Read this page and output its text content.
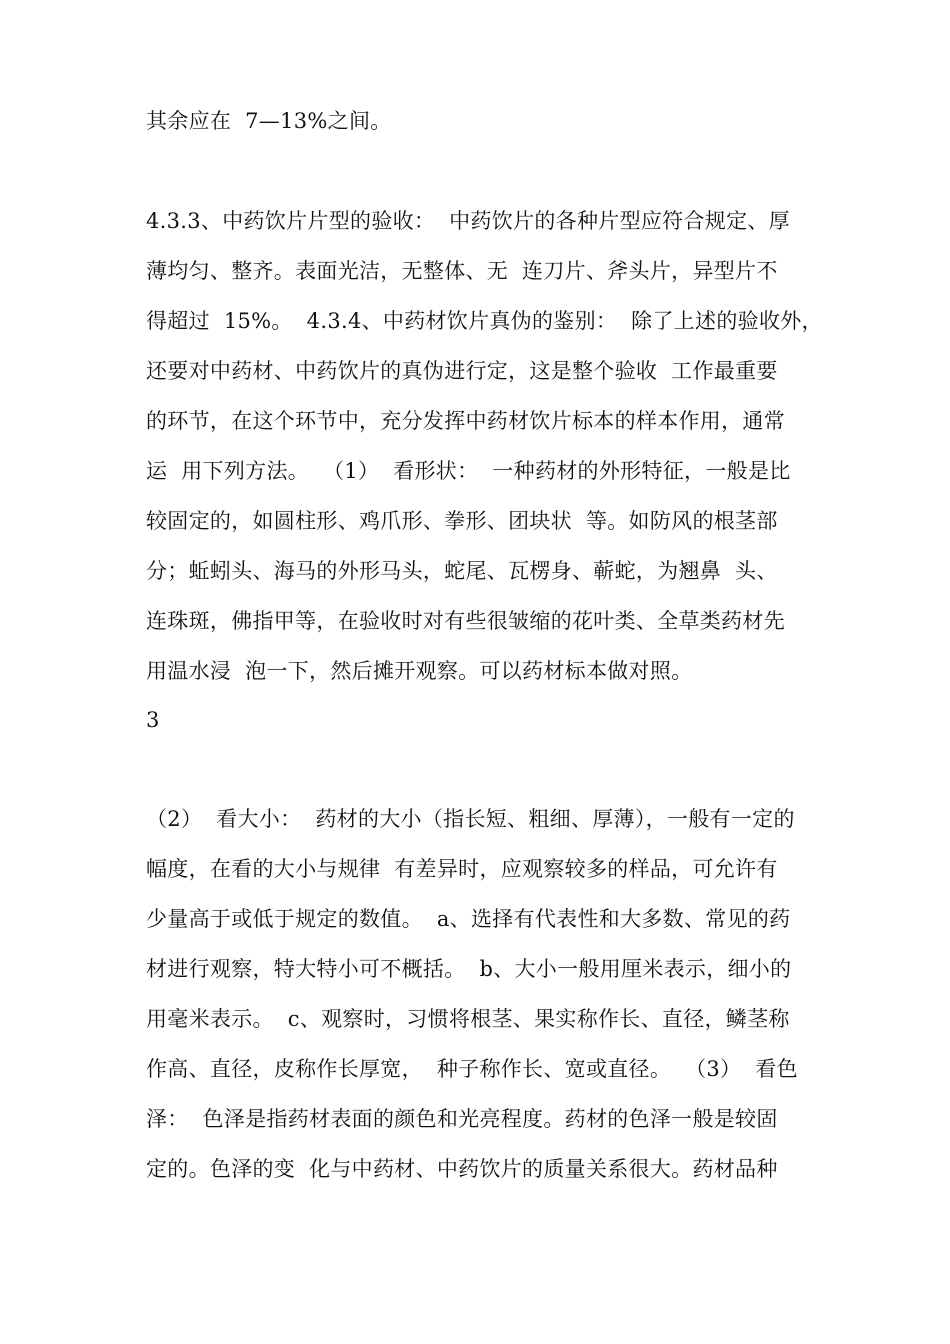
其余应在  7—13%之间。
4.3.3、中药饮片片型的验收：  中药饮片的各种片型应符合规定、厚
薄均匀、整齐。表面光洁，无整体、无  连刀片、斧头片，异型片不
得超过  15%。  4.3.4、中药材饮片真伪的鉴别：  除了上述的验收外，
还要对中药材、中药饮片的真伪进行定，这是整个验收  工作最重要
的环节，在这个环节中，充分发挥中药材饮片标本的样本作用，通常
运  用下列方法。  （1）  看形状：  一种药材的外形特征，一般是比
较固定的，如圆柱形、鸡爪形、拳形、团块状  等。如防风的根茎部
分；蚯蚓头、海马的外形马头，蛇尾、瓦楞身、蕲蛇，为翘鼻  头、
连珠斑，佛指甲等，在验收时对有些很皱缩的花叶类、全草类药材先
用温水浸  泡一下，然后摊开观察。可以药材标本做对照。
3
（2）  看大小：  药材的大小（指长短、粗细、厚薄），一般有一定的
幅度，在看的大小与规律  有差异时，应观察较多的样品，可允许有
少量高于或低于规定的数值。  a、选择有代表性和大多数、常见的药
材进行观察，特大特小可不概括。  b、大小一般用厘米表示，细小的
用毫米表示。  c、观察时，习惯将根茎、果实称作长、直径，鳞茎称
作高、直径，皮称作长厚宽，  种子称作长、宽或直径。  （3）  看色
泽：  色泽是指药材表面的颜色和光亮程度。药材的色泽一般是较固
定的。色泽的变  化与中药材、中药饮片的质量关系很大。药材品种
